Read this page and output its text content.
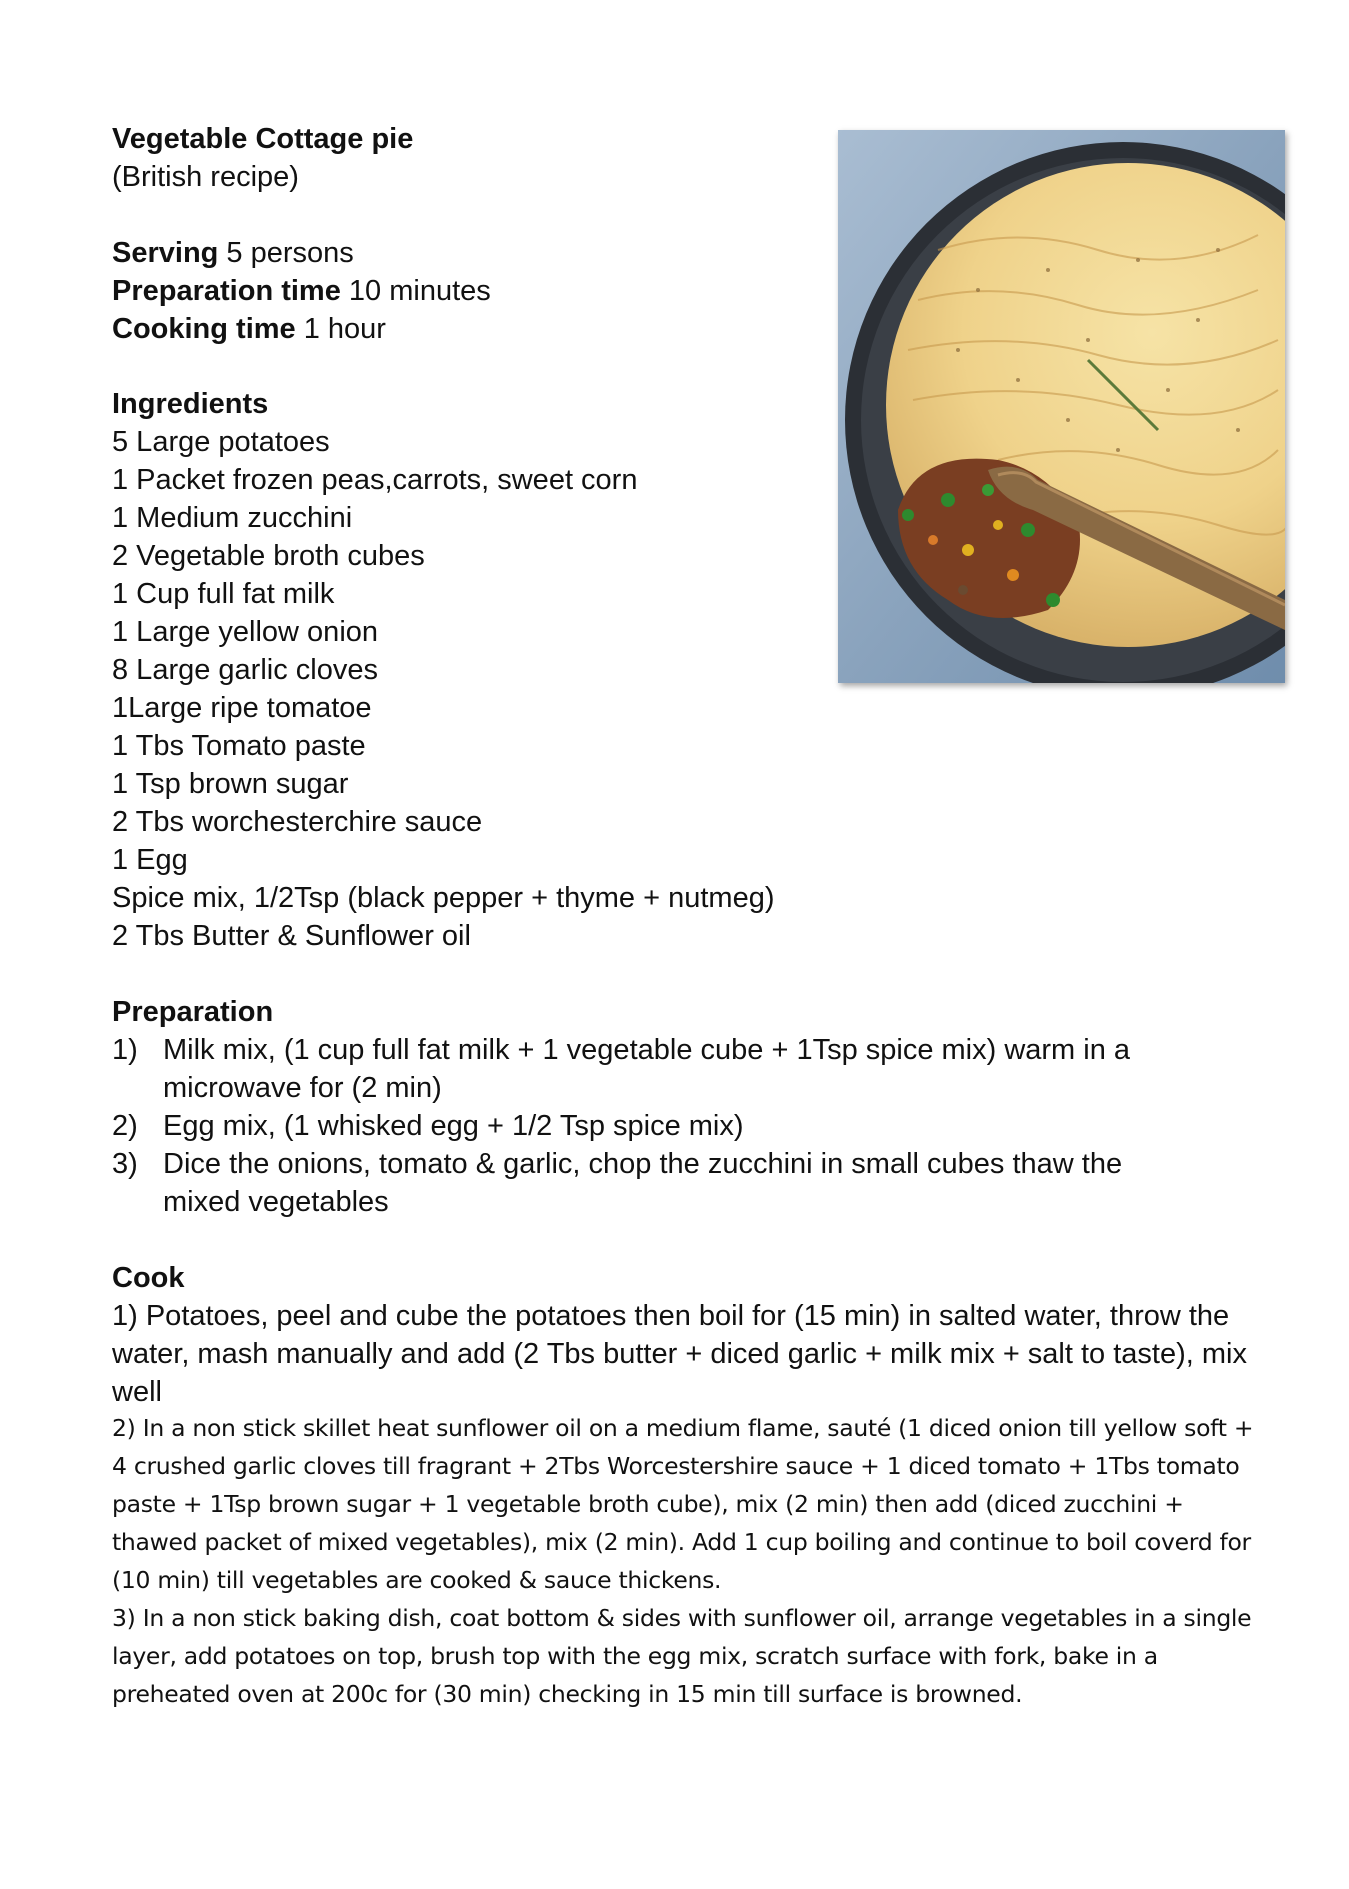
Vegetable Cottage pie
(British recipe)
Serving 5 persons
Preparation time 10 minutes
Cooking time 1 hour
Ingredients
5 Large potatoes
1 Packet frozen peas,carrots, sweet corn
1 Medium zucchini
2 Vegetable broth cubes
1 Cup full fat milk
1 Large yellow onion
8 Large garlic cloves
1Large ripe tomatoe
1 Tbs Tomato paste
1 Tsp brown sugar
2 Tbs worchesterchire sauce
1 Egg
Spice mix, 1/2Tsp (black pepper + thyme + nutmeg)
2 Tbs Butter & Sunflower oil
Preparation
1) Milk mix, (1 cup full fat milk + 1 vegetable cube + 1Tsp spice mix) warm in a microwave for (2 min)
2) Egg mix, (1 whisked egg + 1/2 Tsp spice mix)
3) Dice the onions, tomato & garlic, chop the zucchini in small cubes thaw the mixed vegetables
Cook
1) Potatoes, peel and cube the potatoes then boil for (15 min) in salted water, throw the water, mash manually and add (2 Tbs butter + diced garlic + milk mix + salt to taste), mix well
2) In a non stick skillet heat sunflower oil on a medium flame, sauté (1 diced onion till yellow soft + 4 crushed garlic cloves till fragrant + 2Tbs Worcestershire sauce + 1 diced tomato + 1Tbs tomato paste + 1Tsp brown sugar + 1 vegetable broth cube), mix (2 min) then add (diced zucchini + thawed packet of mixed vegetables), mix (2 min). Add 1 cup boiling and continue to boil coverd for (10 min) till vegetables are cooked & sauce thickens.
3) In a non stick baking dish, coat bottom & sides with sunflower oil, arrange vegetables in a single layer, add potatoes on top, brush top with the egg mix, scratch surface with fork, bake in a preheated oven at 200c for (30 min) checking in 15 min till surface is browned.
